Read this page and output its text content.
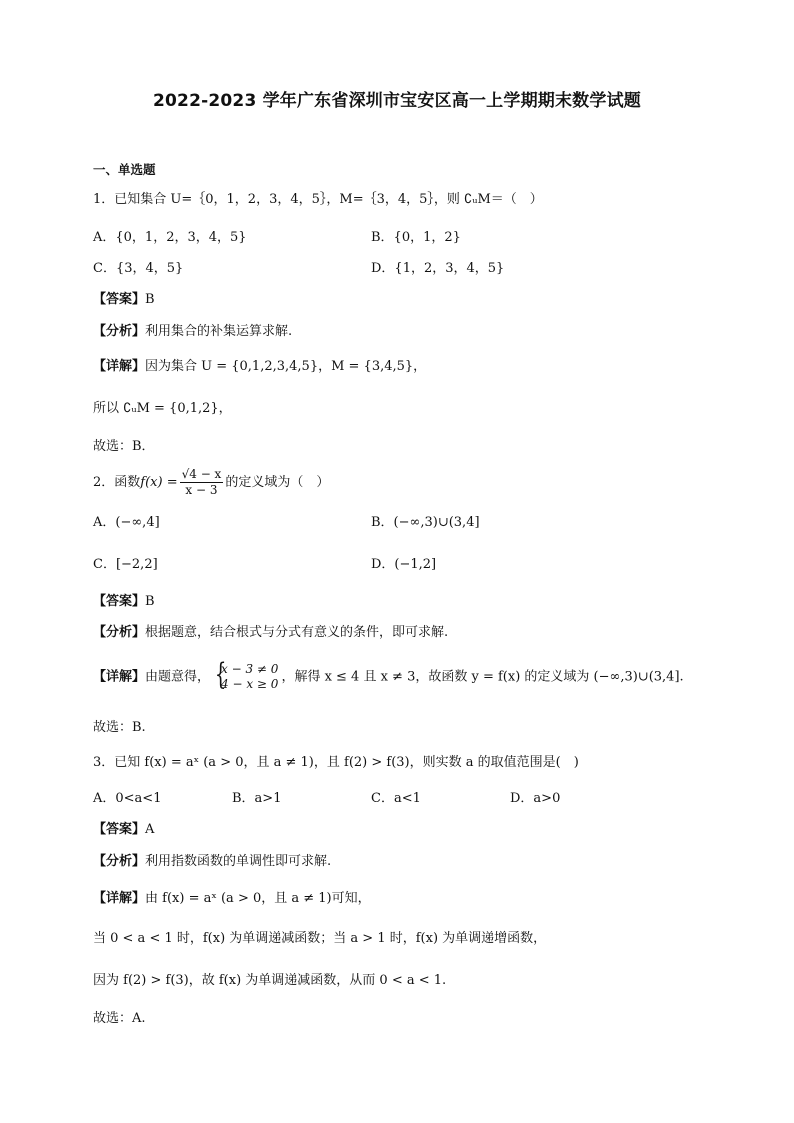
2022-2023 学年广东省深圳市宝安区高一上学期期末数学试题
一、单选题
1．已知集合 U=｛0，1，2，3，4，5｝，M=｛3，4，5｝，则 ∁ᵤM＝（　）
A．{0，1，2，3，4，5}	B．{0，1，2}
C．{3，4，5}	D．{1，2，3，4，5}
【答案】B
【分析】利用集合的补集运算求解.
【详解】因为集合 U = {0,1,2,3,4,5}，M = {3,4,5}，
所以 ∁ᵤM = {0,1,2}，
故选：B．
2．函数$f(x) = \frac{√4 - x}{x - 3}$ 的定义域为（　）
A．(−∞,4]	B．(−∞,3)∪(3,4]
C．[−2,2]	D．(−1,2]
【答案】B
【分析】根据题意，结合根式与分式有意义的条件，即可求解.
【详解】由题意得，
{ x − 3 ≠ 0
4 − x ≥ 0 ，解得 x ≤ 4 且 x ≠ 3，故函数 y = f(x) 的定义域为 (−∞,3)∪(3,4].
故选：B.
3．已知 f(x) = aˣ (a > 0，且 a ≠ 1)，且 f(2) > f(3)，则实数 a 的取值范围是(　)
A．0<a<1	B．a>1	C．a<1	D．a>0
【答案】A
【分析】利用指数函数的单调性即可求解.
【详解】由 f(x) = aˣ (a > 0，且 a ≠ 1)可知，
当 0 < a < 1 时，f(x) 为单调递减函数；当 a > 1 时，f(x) 为单调递增函数，
因为 f(2) > f(3)，故 f(x) 为单调递减函数，从而 0 < a < 1.
故选：A.
